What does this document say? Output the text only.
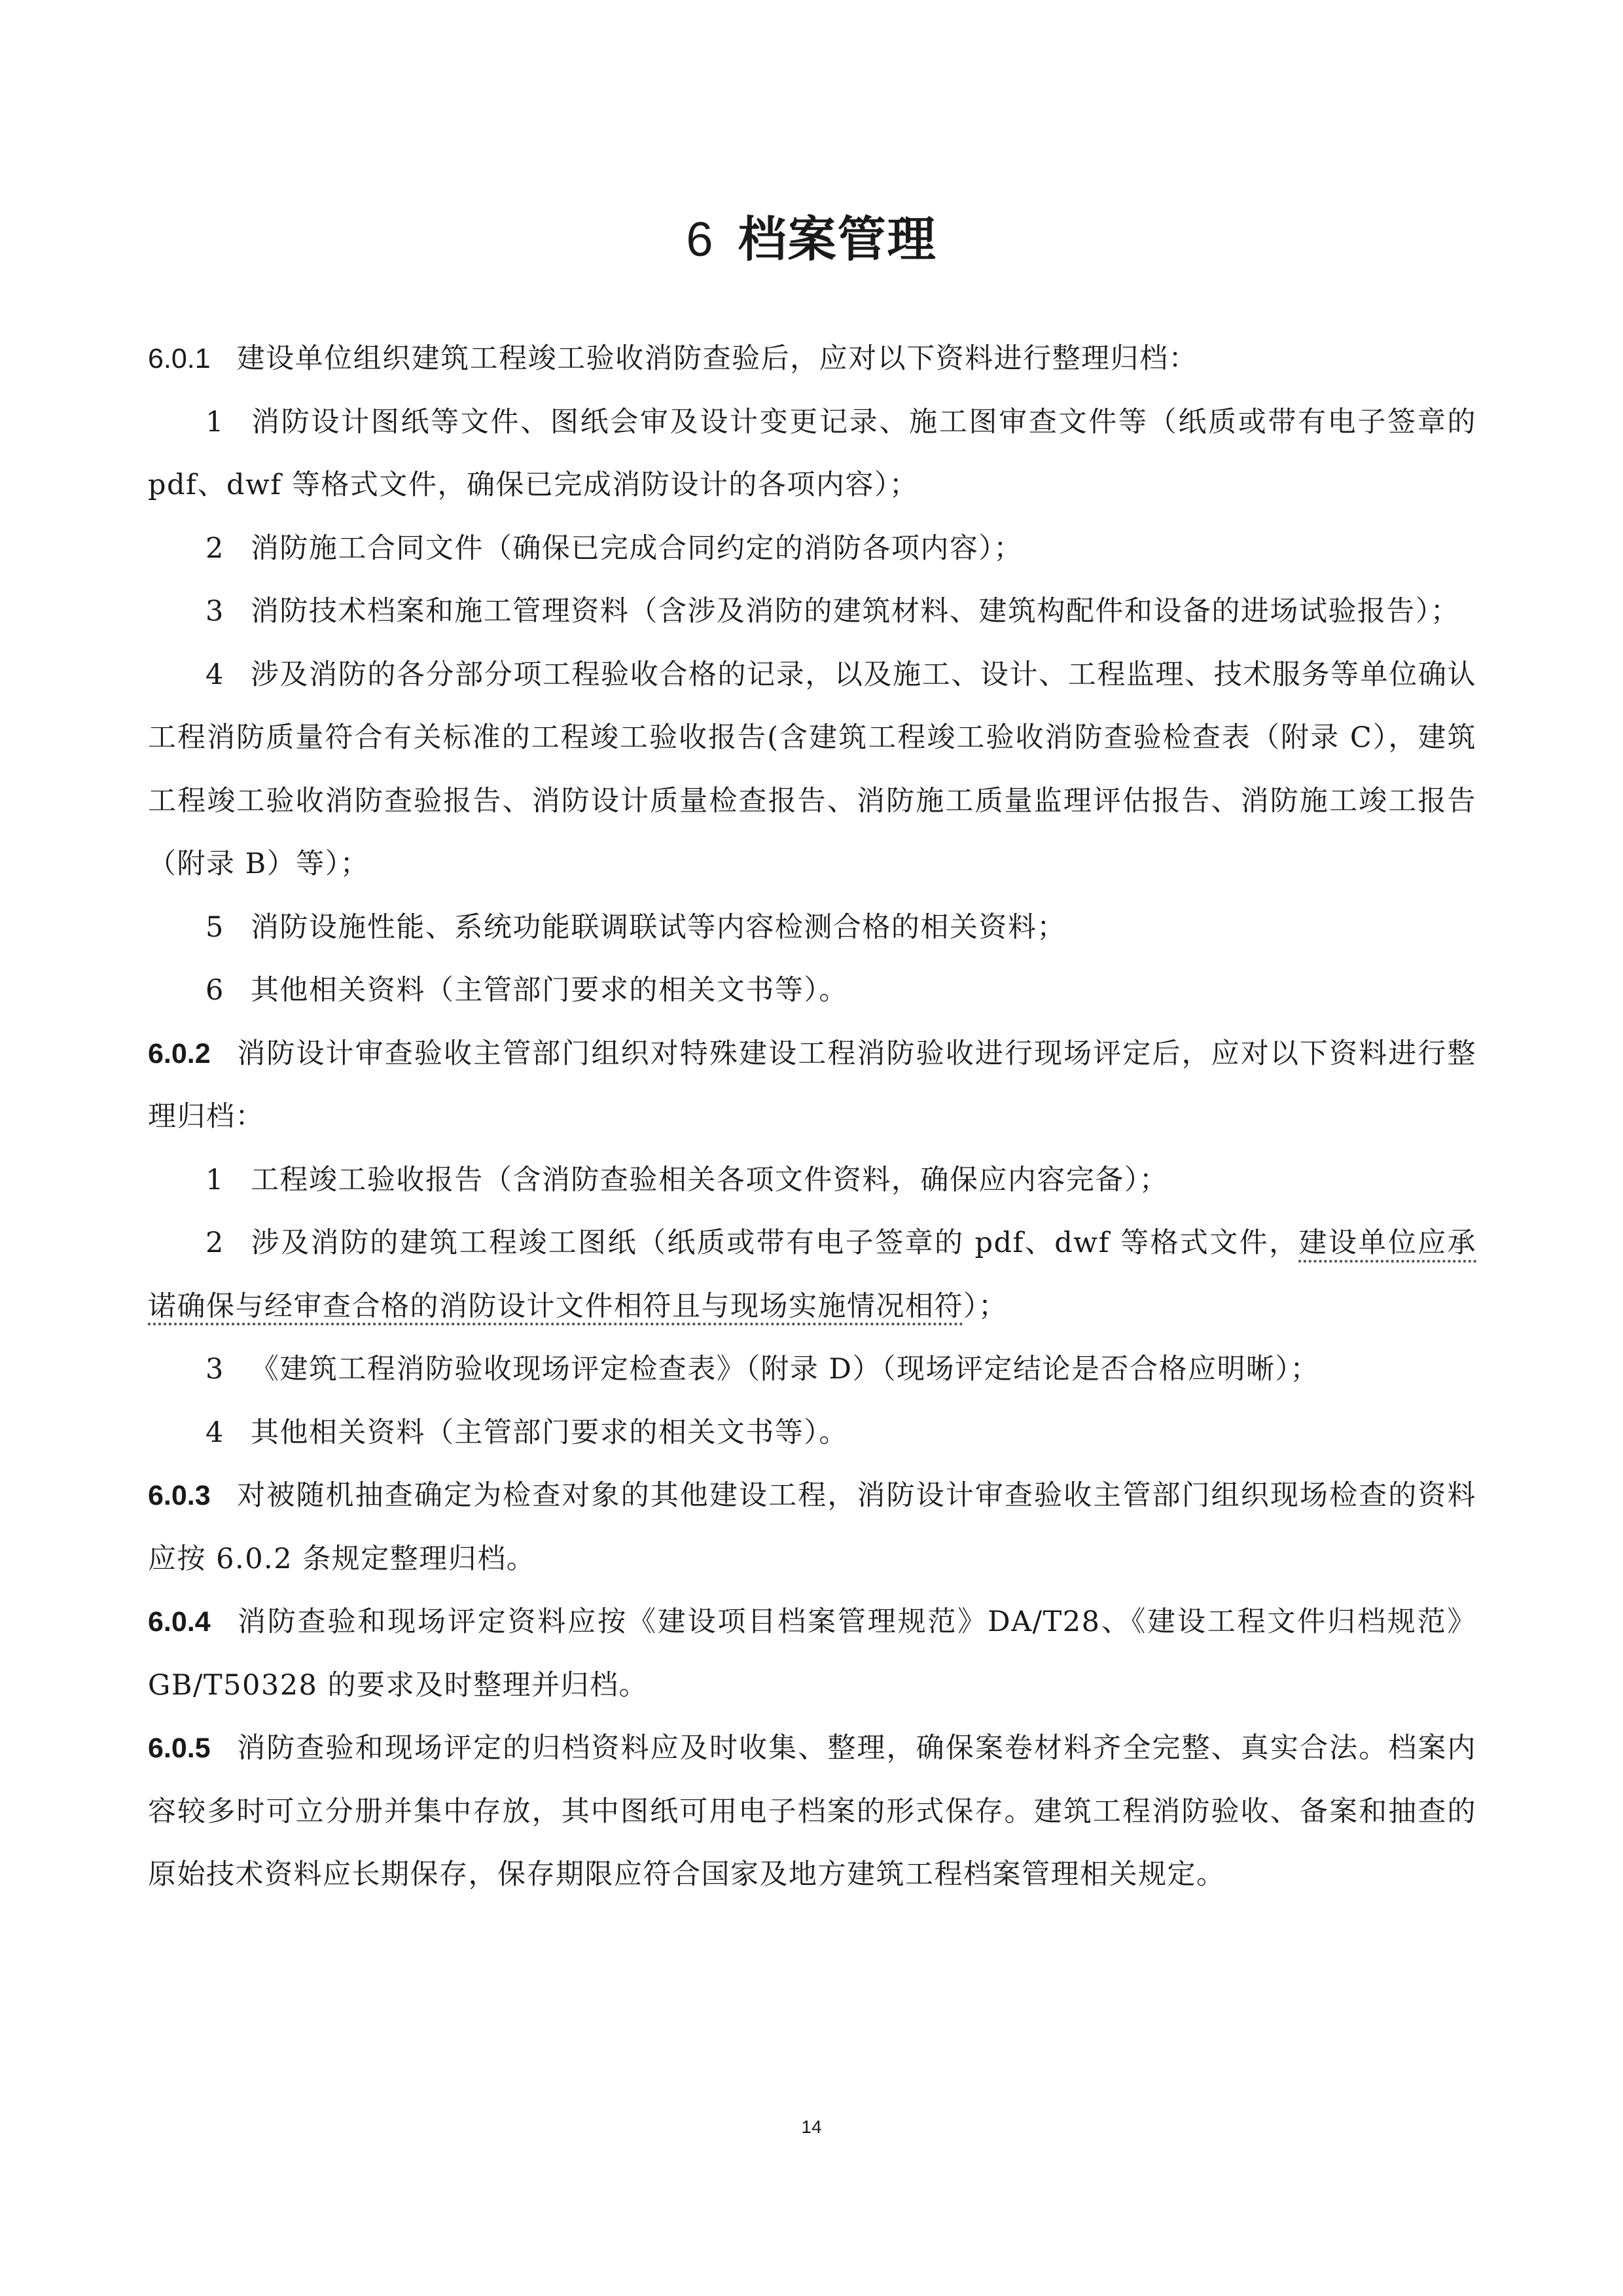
6 档案管理

6.0.1 建设单位组织建筑工程竣工验收消防查验后，应对以下资料进行整理归档：

1 消防设计图纸等文件、图纸会审及设计变更记录、施工图审查文件等（纸质或带有电子签章的 pdf、dwf 等格式文件，确保已完成消防设计的各项内容）；

2 消防施工合同文件（确保已完成合同约定的消防各项内容）；

3 消防技术档案和施工管理资料（含涉及消防的建筑材料、建筑构配件和设备的进场试验报告）；

4 涉及消防的各分部分项工程验收合格的记录，以及施工、设计、工程监理、技术服务等单位确认工程消防质量符合有关标准的工程竣工验收报告(含建筑工程竣工验收消防查验检查表（附录 C），建筑工程竣工验收消防查验报告、消防设计质量检查报告、消防施工质量监理评估报告、消防施工竣工报告（附录 B）等）；

5 消防设施性能、系统功能联调联试等内容检测合格的相关资料；

6 其他相关资料（主管部门要求的相关文书等）。

6.0.2 消防设计审查验收主管部门组织对特殊建设工程消防验收进行现场评定后，应对以下资料进行整理归档：

1 工程竣工验收报告（含消防查验相关各项文件资料，确保应内容完备）；

2 涉及消防的建筑工程竣工图纸（纸质或带有电子签章的 pdf、dwf 等格式文件，建设单位应承诺确保与经审查合格的消防设计文件相符且与现场实施情况相符）；

3 《建筑工程消防验收现场评定检查表》（附录 D）（现场评定结论是否合格应明晰）；

4 其他相关资料（主管部门要求的相关文书等）。

6.0.3 对被随机抽查确定为检查对象的其他建设工程，消防设计审查验收主管部门组织现场检查的资料应按 6.0.2 条规定整理归档。

6.0.4 消防查验和现场评定资料应按《建设项目档案管理规范》DA/T28、《建设工程文件归档规范》GB/T50328 的要求及时整理并归档。

6.0.5 消防查验和现场评定的归档资料应及时收集、整理，确保案卷材料齐全完整、真实合法。档案内容较多时可立分册并集中存放，其中图纸可用电子档案的形式保存。建筑工程消防验收、备案和抽查的原始技术资料应长期保存，保存期限应符合国家及地方建筑工程档案管理相关规定。

14
